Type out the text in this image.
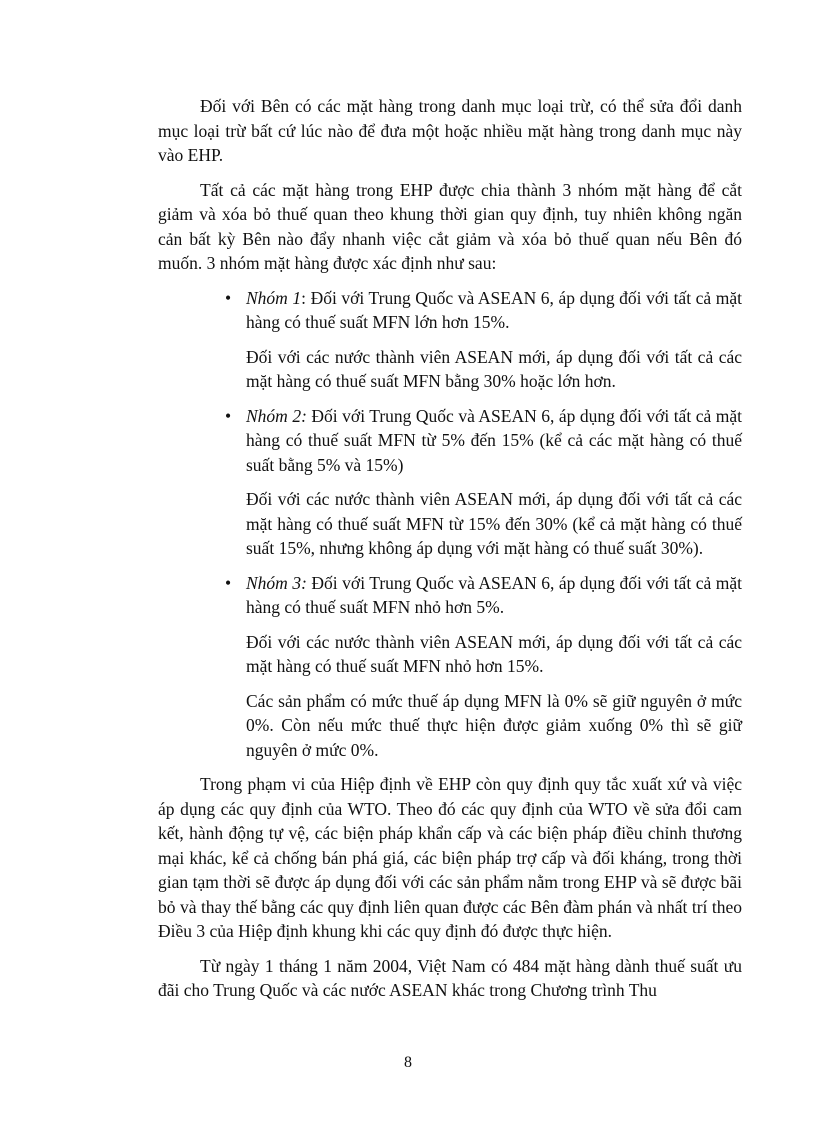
Đối với Bên có các mặt hàng trong danh mục loại trừ, có thể sửa đổi danh mục loại trừ bất cứ lúc nào để đưa một hoặc nhiều mặt hàng trong danh mục này vào EHP.

Tất cả các mặt hàng trong EHP được chia thành 3 nhóm mặt hàng để cắt giảm và xóa bỏ thuế quan theo khung thời gian quy định, tuy nhiên không ngăn cản bất kỳ Bên nào đẩy nhanh việc cắt giảm và xóa bỏ thuế quan nếu Bên đó muốn. 3 nhóm mặt hàng được xác định như sau:

• Nhóm 1: Đối với Trung Quốc và ASEAN 6, áp dụng đối với tất cả mặt hàng có thuế suất MFN lớn hơn 15%.

Đối với các nước thành viên ASEAN mới, áp dụng đối với tất cả các mặt hàng có thuế suất MFN bằng 30% hoặc lớn hơn.

• Nhóm 2: Đối với Trung Quốc và ASEAN 6, áp dụng đối với tất cả mặt hàng có thuế suất MFN từ 5% đến 15% (kể cả các mặt hàng có thuế suất bằng 5% và 15%)

Đối với các nước thành viên ASEAN mới, áp dụng đối với tất cả các mặt hàng có thuế suất MFN từ 15% đến 30% (kể cả mặt hàng có thuế suất 15%, nhưng không áp dụng với mặt hàng có thuế suất 30%).

• Nhóm 3: Đối với Trung Quốc và ASEAN 6, áp dụng đối với tất cả mặt hàng có thuế suất MFN nhỏ hơn 5%.

Đối với các nước thành viên ASEAN mới, áp dụng đối với tất cả các mặt hàng có thuế suất MFN nhỏ hơn 15%.

Các sản phẩm có mức thuế áp dụng MFN là 0% sẽ giữ nguyên ở mức 0%. Còn nếu mức thuế thực hiện được giảm xuống 0% thì sẽ giữ nguyên ở mức 0%.

Trong phạm vi của Hiệp định về EHP còn quy định quy tắc xuất xứ và việc áp dụng các quy định của WTO. Theo đó các quy định của WTO về sửa đổi cam kết, hành động tự vệ, các biện pháp khẩn cấp và các biện pháp điều chỉnh thương mại khác, kể cả chống bán phá giá, các biện pháp trợ cấp và đối kháng, trong thời gian tạm thời sẽ được áp dụng đối với các sản phẩm nằm trong EHP và sẽ được bãi bỏ và thay thế bằng các quy định liên quan được các Bên đàm phán và nhất trí theo Điều 3 của Hiệp định khung khi các quy định đó được thực hiện.

Từ ngày 1 tháng 1 năm 2004, Việt Nam có 484 mặt hàng dành thuế suất ưu đãi cho Trung Quốc và các nước ASEAN khác trong Chương trình Thu

8
